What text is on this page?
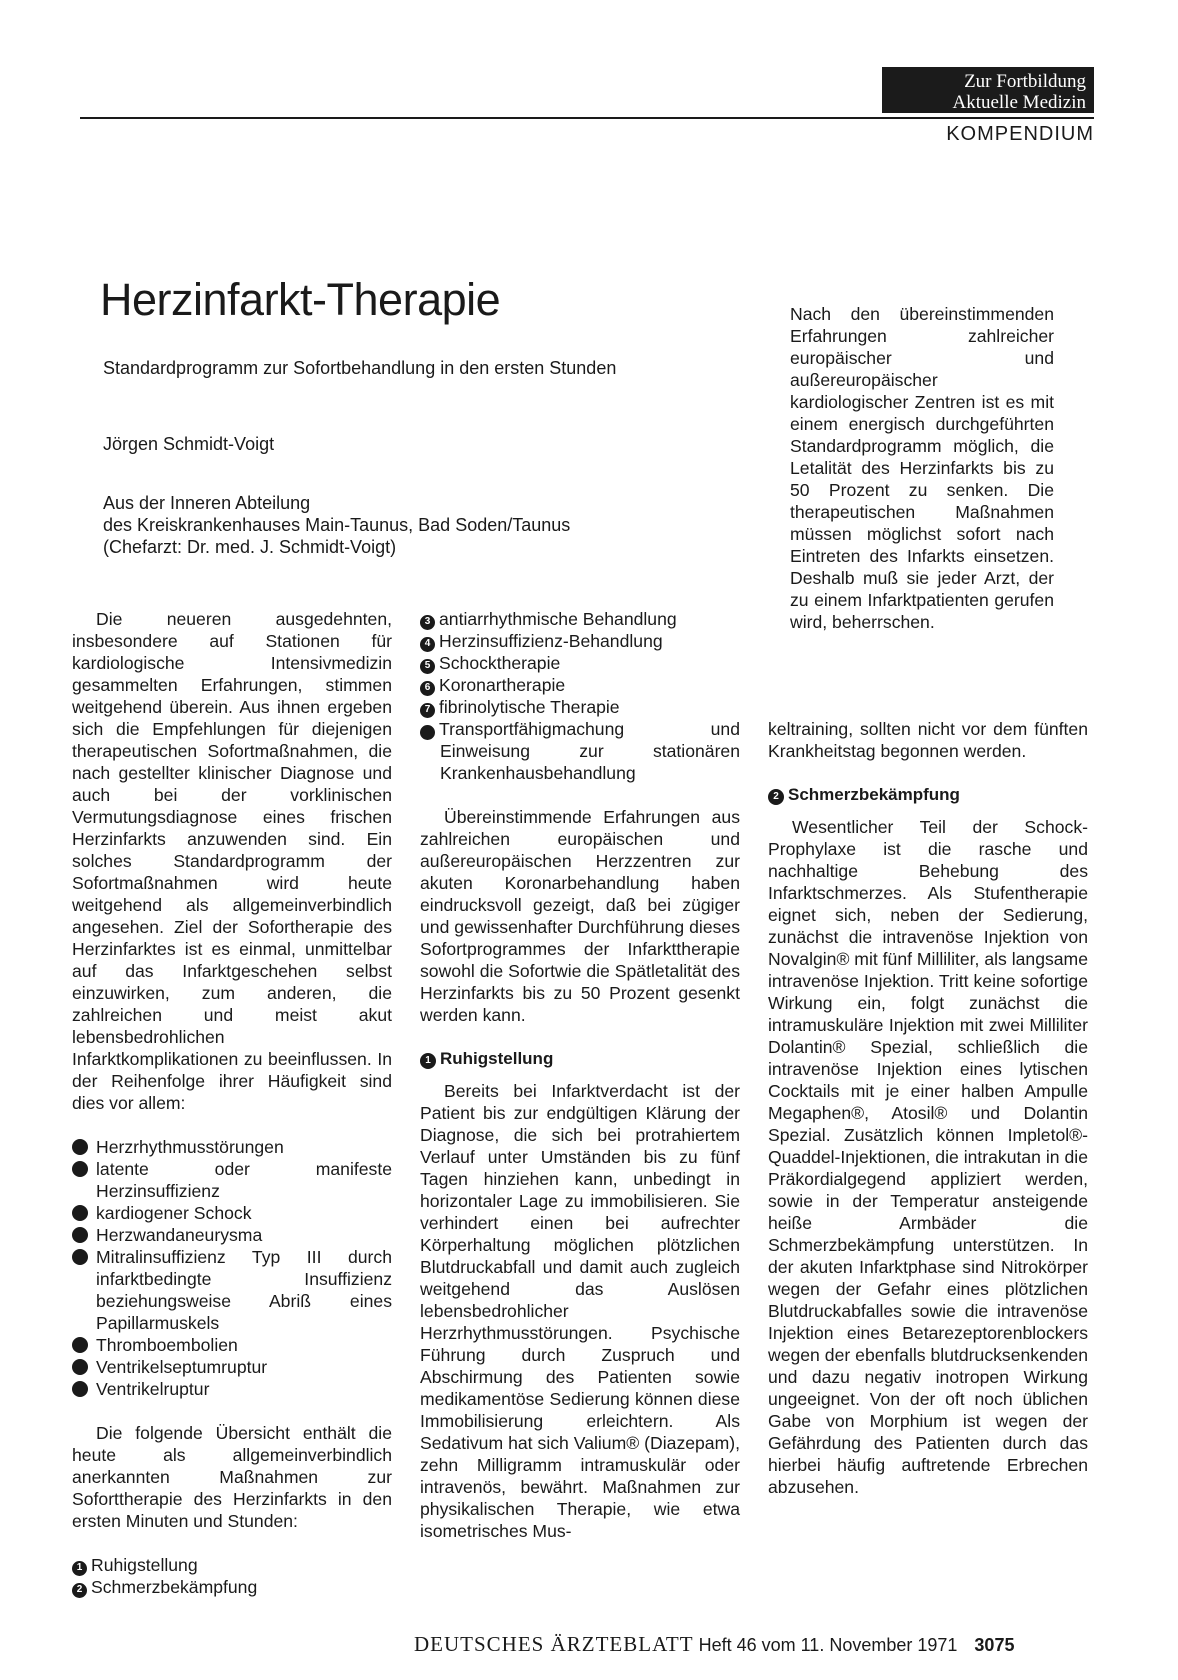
Zur Fortbildung
Aktuelle Medizin
KOMPENDIUM
Herzinfarkt-Therapie
Standardprogramm zur Sofortbehandlung in den ersten Stunden
Jörgen Schmidt-Voigt
Aus der Inneren Abteilung
des Kreiskrankenhauses Main-Taunus, Bad Soden/Taunus
(Chefarzt: Dr. med. J. Schmidt-Voigt)

Nach den übereinstimmenden Erfahrungen zahlreicher europäischer und außereuropäischer kardiologischer Zentren ist es mit einem energisch durchgeführten Standardprogramm möglich, die Letalität des Herzinfarkts bis zu 50 Prozent zu senken. Die therapeutischen Maßnahmen müssen möglichst sofort nach Eintreten des Infarkts einsetzen. Deshalb muß sie jeder Arzt, der zu einem Infarktpatienten gerufen wird, beherrschen.

Die neueren ausgedehnten, insbesondere auf Stationen für kardiologische Intensivmedizin gesammelten Erfahrungen, stimmen weitgehend überein. Aus ihnen ergeben sich die Empfehlungen für diejenigen therapeutischen Sofortmaßnahmen, die nach gestellter klinischer Diagnose und auch bei der vorklinischen Vermutungsdiagnose eines frischen Herzinfarkts anzuwenden sind. Ein solches Standardprogramm der Sofortmaßnahmen wird heute weitgehend als allgemeinverbindlich angesehen. Ziel der Sofortherapie des Herzinfarktes ist es einmal, unmittelbar auf das Infarktgeschehen selbst einzuwirken, zum anderen, die zahlreichen und meist akut lebensbedrohlichen Infarktkomplikationen zu beeinflussen. In der Reihenfolge ihrer Häufigkeit sind dies vor allem:

Herzrhythmusstörungen
latente oder manifeste Herzinsuffizienz
kardiogener Schock
Herzwandaneurysma
Mitralinsuffizienz Typ III durch infarktbedingte Insuffizienz beziehungsweise Abriß eines Papillarmuskels
Thromboembolien
Ventrikelseptumruptur
Ventrikelruptur

Die folgende Übersicht enthält die heute als allgemeinverbindlich anerkannten Maßnahmen zur Soforttherapie des Herzinfarkts in den ersten Minuten und Stunden:

1 Ruhigstellung
2 Schmerzbekämpfung
3 antiarrhythmische Behandlung
4 Herzinsuffizienz-Behandlung
5 Schocktherapie
6 Koronartherapie
7 fibrinolytische Therapie
8 Transportfähigmachung und Einweisung zur stationären Krankenhausbehandlung

Übereinstimmende Erfahrungen aus zahlreichen europäischen und außereuropäischen Herzzentren zur akuten Koronarbehandlung haben eindrucksvoll gezeigt, daß bei zügiger und gewissenhafter Durchführung dieses Sofortprogrammes der Infarkttherapie sowohl die Sofortwie die Spätletalität des Herzinfarkts bis zu 50 Prozent gesenkt werden kann.

1 Ruhigstellung

Bereits bei Infarktverdacht ist der Patient bis zur endgültigen Klärung der Diagnose, die sich bei protrahiertem Verlauf unter Umständen bis zu fünf Tagen hinziehen kann, unbedingt in horizontaler Lage zu immobilisieren. Sie verhindert einen bei aufrechter Körperhaltung möglichen plötzlichen Blutdruckabfall und damit auch zugleich weitgehend das Auslösen lebensbedrohlicher Herzrhythmusstörungen. Psychische Führung durch Zuspruch und Abschirmung des Patienten sowie medikamentöse Sedierung können diese Immobilisierung erleichtern. Als Sedativum hat sich Valium® (Diazepam), zehn Milligramm intramuskulär oder intravenös, bewährt. Maßnahmen zur physikalischen Therapie, wie etwa isometrisches Mus-

keltraining, sollten nicht vor dem fünften Krankheitstag begonnen werden.

2 Schmerzbekämpfung

Wesentlicher Teil der Schock-Prophylaxe ist die rasche und nachhaltige Behebung des Infarktschmerzes. Als Stufentherapie eignet sich, neben der Sedierung, zunächst die intravenöse Injektion von Novalgin® mit fünf Milliliter, als langsame intravenöse Injektion. Tritt keine sofortige Wirkung ein, folgt zunächst die intramuskuläre Injektion mit zwei Milliliter Dolantin® Spezial, schließlich die intravenöse Injektion eines lytischen Cocktails mit je einer halben Ampulle Megaphen®, Atosil® und Dolantin Spezial. Zusätzlich können Impletol®-Quaddel-Injektionen, die intrakutan in die Präkordialgegend appliziert werden, sowie in der Temperatur ansteigende heiße Armbäder die Schmerzbekämpfung unterstützen. In der akuten Infarktphase sind Nitrokörper wegen der Gefahr eines plötzlichen Blutdruckabfalles sowie die intravenöse Injektion eines Betarezeptorenblockers wegen der ebenfalls blutdrucksenkenden und dazu negativ inotropen Wirkung ungeeignet. Von der oft noch üblichen Gabe von Morphium ist wegen der Gefährdung des Patienten durch das hierbei häufig auftretende Erbrechen abzusehen.

DEUTSCHES ÄRZTEBLATT Heft 46 vom 11. November 1971 3075
